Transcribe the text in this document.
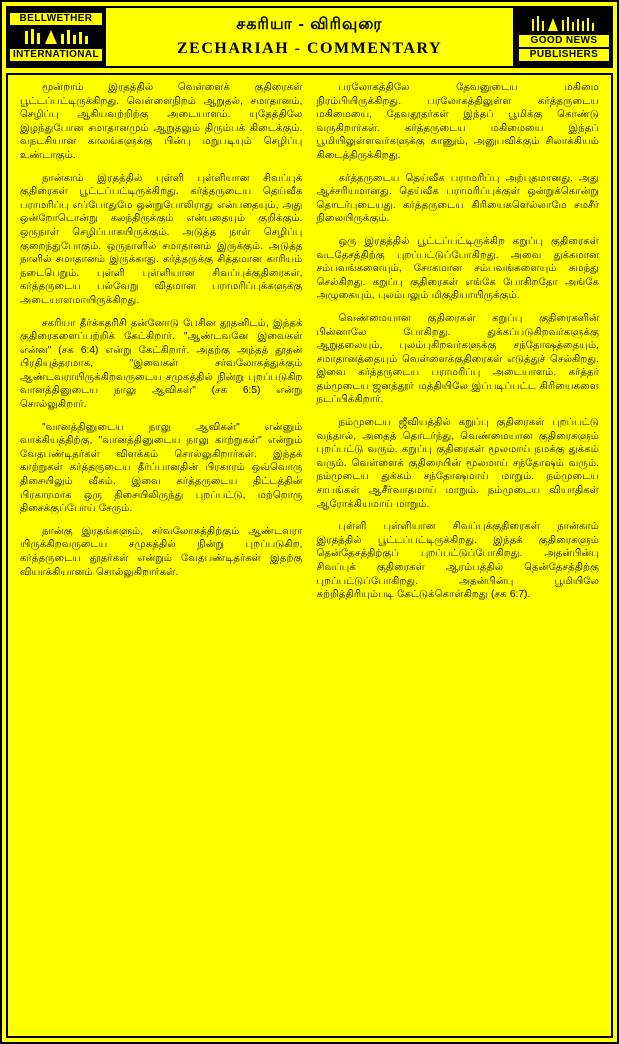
BELLWETHER
INTERNATIONAL
சகரியா - விரிவுரை
ZECHARIAH - COMMENTARY	GOOD NEWS
PUBLISHERS

மூன்றாம் இரதத்தில் வெள்ளைக் குதிரைகள் பூட்டப்பட்டிருக்கிறது. வெள்ளைநிறம் ஆறுதல், சமாதானம், செழிப்பு ஆகியவற்றிற்கு அடையாளம். யுதேத்திலே இழந்துபோன சமாதானமும் ஆறுதலும் திரும்பக் கிடைக்கும். வநடசியான காலங்களுக்கு பின்பு மறுபடியும் செழிப்பு உண்டாகும்.

நான்காம் இரதத்தில் புள்ளி புள்ளியான சிவப்புக் குதிரைகள் பூட்டப்பட்டிருக்கிறது. கர்த்தருடைய தெய்வீக பராமரிப்பு எப்போதுமே ஒன்றுபோலிராது என்பதையும், அது ஒன்றோடொன்று கலந்திருக்கும் என்பதையும் குறிக்கும். ஒருநாள் செழிப்பாகயிருக்கும். அடுத்த நாள் செழிப்பு குறைந்துபோகும். ஒருநாளில் சமாதானம் இருக்கும். அடுத்த நாளில் சமாதானம் இருக்காது. கர்த்தருக்கு சித்தமான காரியம் நடைபெறும். புள்ளி புள்ளியான சிவப்புக்குதிரைகள், கர்த்தருடைய பல்வேறு விதமான பராமரிப்புக்களுக்கு அடையாளமாயிருக்கிறது.

சகரியா தீர்க்கதரிசி தன்னோடு பேசின தூதனிடம், இந்தக் குதிரைகளைப்பற்றிக் கேட்கிறார். "ஆண்டவனே இவைகள் என்ன" (சக 6:4) என்று கேட்கிறார். அதற்கு அந்தத் தூதன் பிரதியுத்தரமாக, "இவைகள் சர்வலோகத்துக்கும் ஆண்டவராயிருக்கிறவருடைய சமுகத்தில் நின்று புறப்படுகிற வானத்தினுடைய நாலு ஆவிகள்" (சக 6:5) என்று சொல்லுகிறார்.

"வானத்தினுடைய நாலு ஆவிகள்" என்னும் வாக்கியத்திற்கு, "வானத்தினுடைய நாலு காற்றுகள்" என்றும் வேதபண்டிதர்கள் விளக்கம் சொல்லுகிறார்கள். இந்தக் காற்றுகள் கர்த்தருடைய தீர்ப்பானதின் பிரகாரம் ஒவ்வொரு திசையிலும் வீசும். இவை கர்த்தருடைய திட்டத்தின் பிரகாரமாக ஒரு திசையிலிருந்து புறப்பட்டு, மற்றொரு திசைக்குப்போய் சேரும்.

நான்கு இரதங்களும், சர்வலோகத்திற்கும் ஆண்டவரா யிருக்கிறவருடைய சமுகத்தில் நின்று புறப்படுகிற, கர்த்தருடைய தூதர்கள் என்றும் வேதபண்டிதர்கள் இதற்கு வியாக்கியானம் சொல்லுகிறார்கள்.

பரலோகத்திலே தேவனுடைய மகிமை நிரம்பியிருக்கிறது. பரலோகத்திலுள்ள கர்த்தருடைய மகிமையை, தேவதூதர்கள் இந்தப் பூமிக்கு கொண்டு வருகிறார்கள். கர்த்தருடைய மகிமையை இந்தப் பூமியிலுள்ளவர்களுக்கு காணும், அனுபவிக்கும் சிலாக்கியம் கிடைத்திருக்கிறது.

கர்த்தருடைய தெய்வீக பராமரிப்பு அற்புதமானது. அது ஆச்சரியமானது. தெய்வீக பராமரிப்புக்குள் ஒன்றுக்கொன்று தொடர்புடையது. கர்த்தருடைய கிரியைகளெல்லாமே சமசீர் நிலையிருக்கும்.

ஒரு இரதத்தில் பூட்டப்பட்டிருக்கிற கறுப்பு குதிரைகள் வடதேசத்திற்கு புறப்பட்டுப்போகிறது. அவை துக்கமான சம்பவங்களையும், சோகமான சம்பவங்களையும் சுமந்து செல்கிறது. கறுப்பு குதிரைகள் எங்கே போகிறதோ அங்கே அழுகையும், புலம்பலும் மிகுதியாயிருக்கும்.

வெண்மையான குதிரைகள் கறுப்பு குதிரைகளின் பின்னாலே போகிறது. துக்கப்படுகிறவர்களுக்கு ஆறுதலையும், புலம்புகிறவர்களுக்கு சந்தோஷத்தையும், சமாதானத்தையும் வெள்ளைக்குதிரைகள் எடுத்துச் செல்கிறது. இவை கர்த்தருடைய பராமரிப்பு அடையாளம். கர்த்தர் தம்முடைய ஜனத்தூா் மத்தியிலே இப்படிப்பட்ட கிரியைகளை நடப்பிக்கிறார்.

நம்முடைய ஜீவியத்தில் கறுப்பு குதிரைகள் புறப்பட்டு வந்தால், அதைத் தொடர்ந்து, வெண்மையான குதிரைகளும் புறப்பட்டு வரும். கறுப்பு குதிரைகள் மூலமாய் நமக்கு துக்கம் வரும். வெள்ளைக் குதிரையின் மூலமாய் சந்தோஷம் வரும். நம்முடைய துக்கம் சந்தோஷமாய் மாறும். நம்முடைய சாபங்கள் ஆசீர்வாதமாய் மாறும். நம்முடைய வியாதிகள் ஆரோக்கியமாய் மாறும்.

புள்ளி புள்ளியான சிவப்புக்குதிரைகள் நான்காம் இரதத்தில் பூட்டப்பட்டிருக்கிறது. இந்தக் குதிரைகளும் தென்தேசத்திற்குப் புறப்பட்டுப்போகிறது. அதன்பின்பு சிவப்புக் குதிரைகள் ஆரம்பத்தில் தென்தேசத்திற்கு புறப்பட்டுப்போகிறது. அதன்பின்பு பூமியிலே சுற்றித்திரியும்படி கேட்டுக்கொள்கிறது (சக 6:7).
